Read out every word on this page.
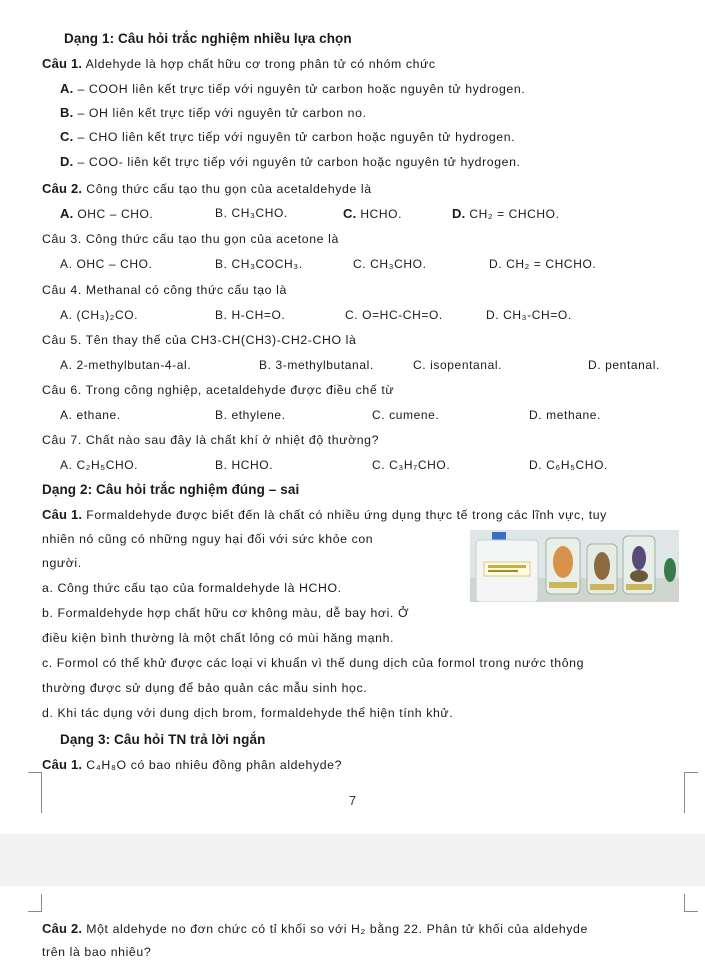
Dạng 1: Câu hỏi trắc nghiệm nhiều lựa chọn
Câu 1. Aldehyde là hợp chất hữu cơ trong phân tử có nhóm chức
A. – COOH liên kết trực tiếp với nguyên tử carbon hoặc nguyên tử hydrogen.
B. – OH liên kết trực tiếp với nguyên tử carbon no.
C. – CHO liên kết trực tiếp với nguyên tử carbon hoặc nguyên tử hydrogen.
D. – COO- liên kết trực tiếp với nguyên tử carbon hoặc nguyên tử hydrogen.
Câu 2. Công thức cấu tạo thu gọn của acetaldehyde là
A. OHC – CHO.	B. CH₃CHO.	C. HCHO.	D. CH₂ = CHCHO.
Câu 3. Công thức cấu tạo thu gọn của acetone là
A. OHC – CHO.	B. CH₃COCH₃.	C. CH₃CHO.	D. CH₂ = CHCHO.
Câu 4. Methanal có công thức cấu tạo là
A. (CH₃)₂CO.	B. H-CH=O.	C. O=HC-CH=O.	D. CH₃-CH=O.
Câu 5. Tên thay thế của CH3-CH(CH3)-CH2-CHO là
A. 2-methylbutan-4-al.	B. 3-methylbutanal.	C. isopentanal.	D. pentanal.
Câu 6. Trong công nghiệp, acetaldehyde được điều chế từ
A. ethane.	B. ethylene.	C. cumene.	D. methane.
Câu 7. Chất nào sau đây là chất khí ở nhiệt độ thường?
A. C₂H₅CHO.	B. HCHO.	C. C₃H₇CHO.	D. C₆H₅CHO.
Dạng 2: Câu hỏi trắc nghiệm đúng – sai
Câu 1. Formaldehyde được biết đến là chất có nhiều ứng dụng thực tế trong các lĩnh vực, tuy
nhiên nó cũng có những nguy hại đối với sức khỏe con
người.
a. Công thức cấu tạo của formaldehyde là HCHO.
b. Formaldehyde hợp chất hữu cơ không màu, dễ bay hơi. Ở
điều kiện bình thường là một chất lỏng có mùi hăng mạnh.
c. Formol có thể khử được các loại vi khuẩn vì thế dung dịch của formol trong nước thông
thường được sử dụng để bảo quản các mẫu sinh học.
d. Khi tác dụng với dung dịch brom, formaldehyde thể hiện tính khử.
Dạng 3: Câu hỏi TN trả lời ngắn
Câu 1. C₄H₈O có bao nhiêu đồng phân aldehyde?
7
Câu 2. Một aldehyde no đơn chức có tỉ khối so với H₂ bằng 22. Phân tử khối của aldehyde
trên là bao nhiêu?
